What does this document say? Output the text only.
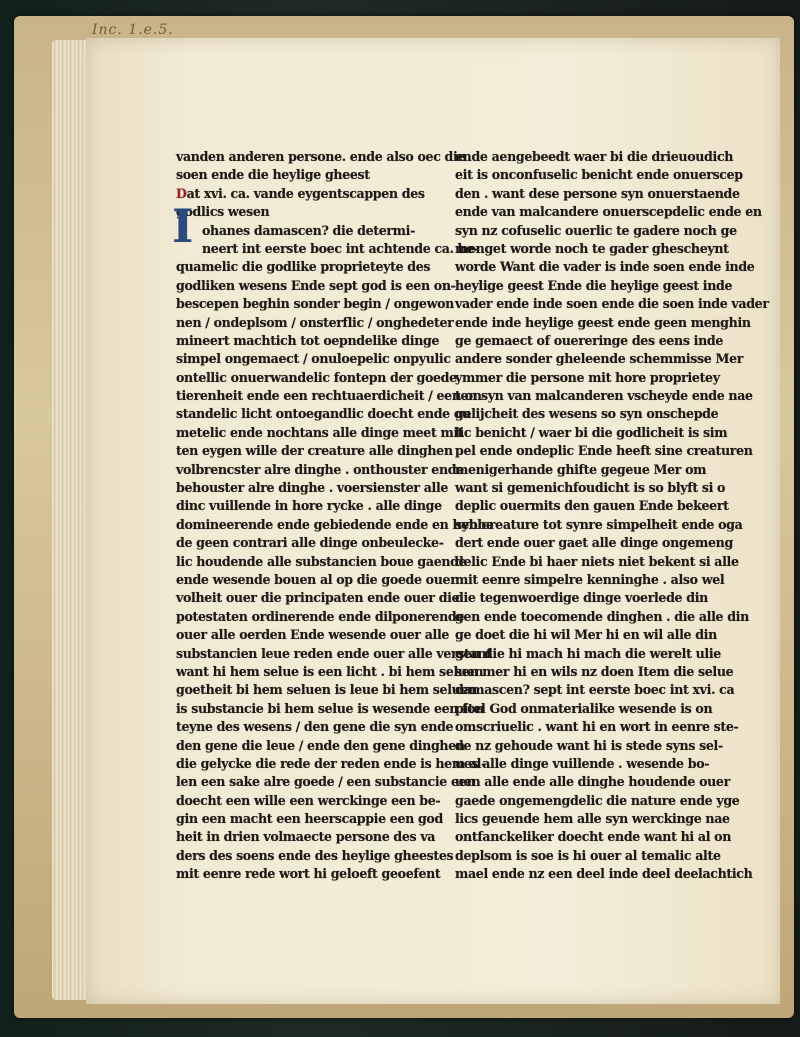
Inc. 1.e.5.
I
vanden anderen persone. ende also oec die
soen ende die heylige gheest
Dat xvi. ca. vande eygentscappen des
godlics wesen
ohanes damascen? die determi-
neert int eerste boec int achtende ca. be-
quamelic die godlike proprieteyte des
godliken wesens Ende sept god is een on-
bescepen beghin sonder begin / ongewon
nen / ondeplsom / onsterflic / onghedeter
mineert machtich tot oepndelike dinge
simpel ongemaect / onuloepelic onpyulic
ontellic onuerwandelic fontepn der goede
tierenheit ende een rechtuaerdicheit / een on-
standelic licht ontoegandlic doecht ende ou
metelic ende nochtans alle dinge meet mit
ten eygen wille der creature alle dinghen
volbrencster alre dinghe . onthouster ende
behouster alre dinghe . voersienster alle
dinc vuillende in hore rycke . alle dinge
domineerende ende gebiedende ende en hebbe
de geen contrari alle dinge onbeulecke-
lic houdende alle substancien boue gaende
ende wesende bouen al op die goede ouer
volheit ouer die principaten ende ouer die
potestaten ordinerende ende dilponerende
ouer alle oerden Ende wesende ouer alle
substancien leue reden ende ouer alle verstant
want hi hem selue is een licht . bi hem seluen
goetheit bi hem seluen is leue bi hem seluen
is substancie bi hem selue is wesende een fon
teyne des wesens / den gene die syn ende
den gene die leue / ende den gene dinghen
die gelycke die rede der reden ende is hem al-
len een sake alre goede / een substancie een
doecht een wille een werckinge een be-
gin een macht een heerscappie een god
heit in drien volmaecte persone des va
ders des soens ende des heylige gheestes
mit eenre rede wort hi geloeft geoefent
ende aengebeedt waer bi die drieuoudich
eit is onconfuselic benicht ende onuerscep
den . want dese persone syn onuerstaende
ende van malcandere onuerscepdelic ende en
syn nz cofuselic ouerlic te gadere noch ge
menget worde noch te gader ghescheynt
worde Want die vader is inde soen ende inde
heylige geest Ende die heylige geest inde
vader ende inde soen ende die soen inde vader
ende inde heylige geest ende geen menghin
ge gemaect of ouereringe des eens inde
andere sonder gheleende schemmisse Mer
ymmer die persone mit hore proprietey
ten syn van malcanderen vscheyde ende nae
gelijcheit des wesens so syn onschepde
lic benicht / waer bi die godlicheit is sim
pel ende ondeplic Ende heeft sine creaturen
menigerhande ghifte gegeue Mer om
want si gemenichfoudicht is so blyft si o
deplic ouermits den gauen Ende bekeert
syn creature tot synre simpelheit ende oga
dert ende ouer gaet alle dinge ongemeng
delic Ende bi haer niets niet bekent si alle
mit eenre simpelre kenninghe . also wel
die tegenwoerdige dinge voerlede din
gen ende toecomende dinghen . die alle din
ge doet die hi wil Mer hi en wil alle din
gen die hi mach hi mach die werelt ulie
sen mer hi en wils nz doen Item die selue
damascen? sept int eerste boec int xvi. ca
pitel God onmaterialike wesende is on
omscriuelic . want hi en wort in eenre ste-
de nz gehoude want hi is stede syns sel-
ues alle dinge vuillende . wesende bo-
uen alle ende alle dinghe houdende ouer
gaede ongemengdelic die nature ende yge
lics geuende hem alle syn werckinge nae
ontfanckeliker doecht ende want hi al on
deplsom is soe is hi ouer al temalic alte
mael ende nz een deel inde deel deelachtich
